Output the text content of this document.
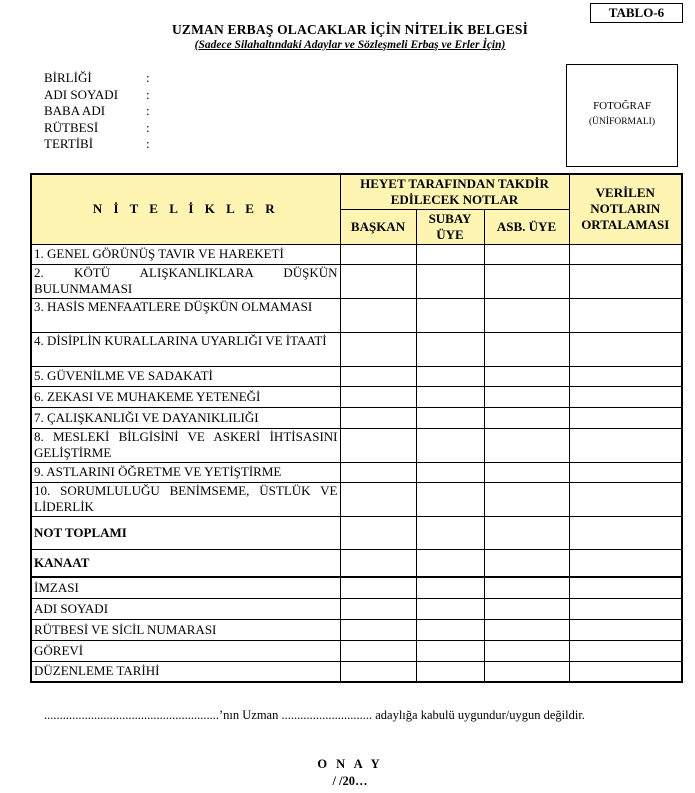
TABLO-6
UZMAN ERBAŞ OLACAKLAR İÇİN NİTELİK BELGESİ
(Sadece Silahaltındaki Adaylar ve Sözleşmeli Erbaş ve Erler İçin)
BİRLİĞİ	:
ADI SOYADI	:
BABA ADI	:
RÜTBESİ	:
TERTİBİ	:
FOTOĞRAF
(ÜNİFORMALI)
N İ T E L İ K L E R	HEYET TARAFINDAN TAKDİR EDİLECEK NOTLAR			VERİLEN NOTLARIN ORTALAMASI
	BAŞKAN	SUBAY ÜYE	ASB. ÜYE	
1. GENEL GÖRÜNÜŞ TAVIR VE HAREKETİ				
2. KÖTÜ ALIŞKANLIKLARA DÜŞKÜN BULUNMAMASI				
3. HASİS MENFAATLERE DÜŞKÜN OLMAMASI				
4. DİSİPLİN KURALLARINA UYARLIĞI VE İTAATİ				
5. GÜVENİLME VE SADAKATİ				
6. ZEKASI VE MUHAKEME YETENEĞİ				
7. ÇALIŞKANLIĞI VE DAYANIKLILIĞI				
8. MESLEKİ BİLGİSİNİ VE ASKERİ İHTİSASINI GELİŞTİRME				
9. ASTLARINI ÖĞRETME VE YETİŞTİRME				
10. SORUMLULUĞU BENİMSEME, ÜSTLÜK VE LİDERLİK				
NOT TOPLAMI				
KANAAT				
İMZASI				
ADI SOYADI				
RÜTBESİ VE SİCİL NUMARASI				
GÖREVİ				
DÜZENLEME TARİHİ				
........................................................’nın Uzman ............................. adaylığa kabulü uygundur/uygun değildir.
O N A Y
/ /20…
